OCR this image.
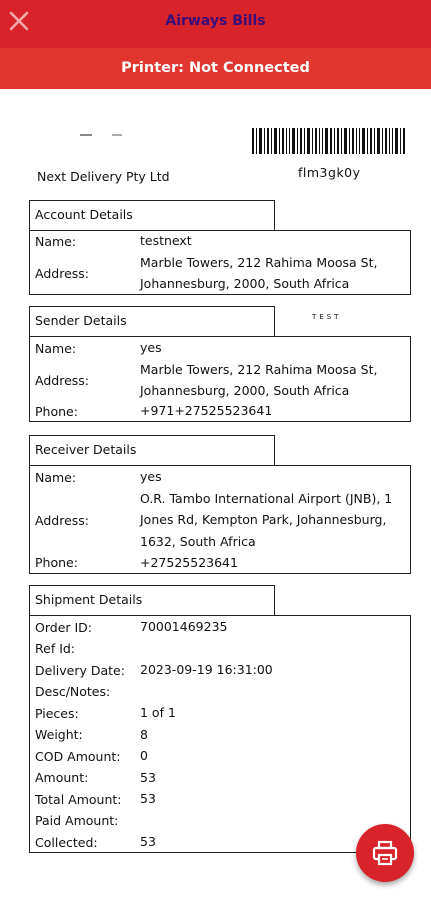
Airways Bills
Printer: Not Connected
Next Delivery Pty Ltd	flm3gk0y
TEST
Account Details
Name:	testnext
Address:
Marble Towers, 212 Rahima Moosa St, Johannesburg, 2000, South Africa
Sender Details
Name:	yes
Address:
Marble Towers, 212 Rahima Moosa St, Johannesburg, 2000, South Africa
Phone:	+971+27525523641
Receiver Details
Name:	yes
Address:
O.R. Tambo International Airport (JNB), 1 Jones Rd, Kempton Park, Johannesburg, 1632, South Africa
Phone:	+27525523641
Shipment Details
Order ID:	70001469235
Ref Id:
Delivery Date: 2023-09-19 16:31:00
Desc/Notes:
Pieces:	1 of 1
Weight:	8
COD Amount: 0
Amount:	53
Total Amount: 53
Paid Amount:
Collected:	53
